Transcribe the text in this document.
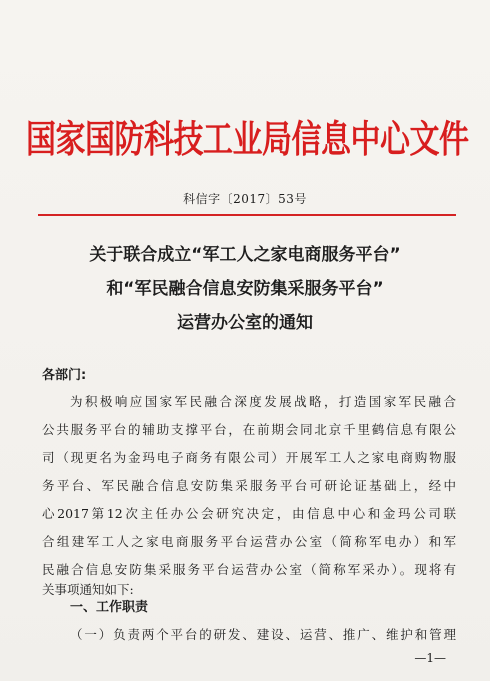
国家国防科技工业局信息中心文件
科信字〔2017〕53号
关于联合成立“军工人之家电商服务平台”
和“军民融合信息安防集采服务平台”
运营办公室的通知
各部门:
为积极响应国家军民融合深度发展战略，打造国家军民融合
公共服务平台的辅助支撑平台，在前期会同北京千里鹤信息有限公
司（现更名为金玛电子商务有限公司）开展军工人之家电商购物服
务平台、军民融合信息安防集采服务平台可研论证基础上，经中
心2017第12次主任办公会研究决定，由信息中心和金玛公司联
合组建军工人之家电商服务平台运营办公室（简称军电办）和军
民融合信息安防集采服务平台运营办公室（简称军采办）。现将有
关事项通知如下:
一、工作职责
（一）负责两个平台的研发、建设、运营、推广、维护和管理
—1—
